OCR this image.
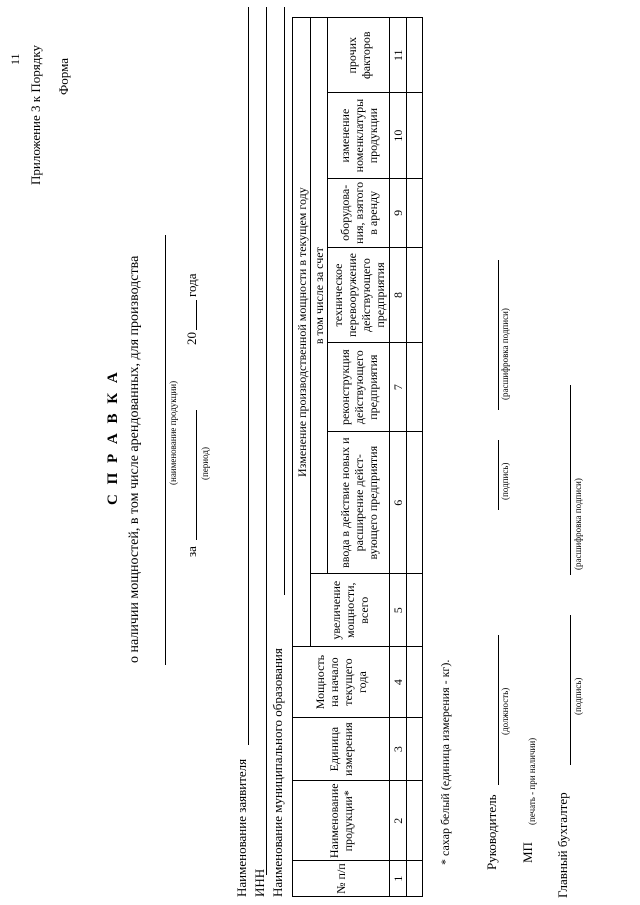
11 Приложение 3 к Порядку Форма
С П Р А В К А о наличии мощностей, в том числе арендованных, для производства	(наименование продукции)
за
20
года
(период)
Наименование заявителя ИНН Наименование муниципального образования	№ п/п	Наименование продукции*	Единица измерения	Мощность на начало текущего года	Изменение производственной мощности в текущем году						
				увеличение мощности, всего	в том числе за счет					
					ввода в действие новых и расширение дейст-вующего предприятия	реконструкция действующего предприятия	техническое перевооружение действующего предприятия	оборудова-ния, взятого в аренду	изменение номенклатуры продукции	прочих факторов
1	2	3	4	5	6	7	8	9	10	11

* сахар белый (единица измерения - кг). Руководитель
(должность)
(подпись)
(расшифровка подписи)
МП
(печать - при наличии)
Главный бухгалтер
(подпись)
(расшифровка подписи)
